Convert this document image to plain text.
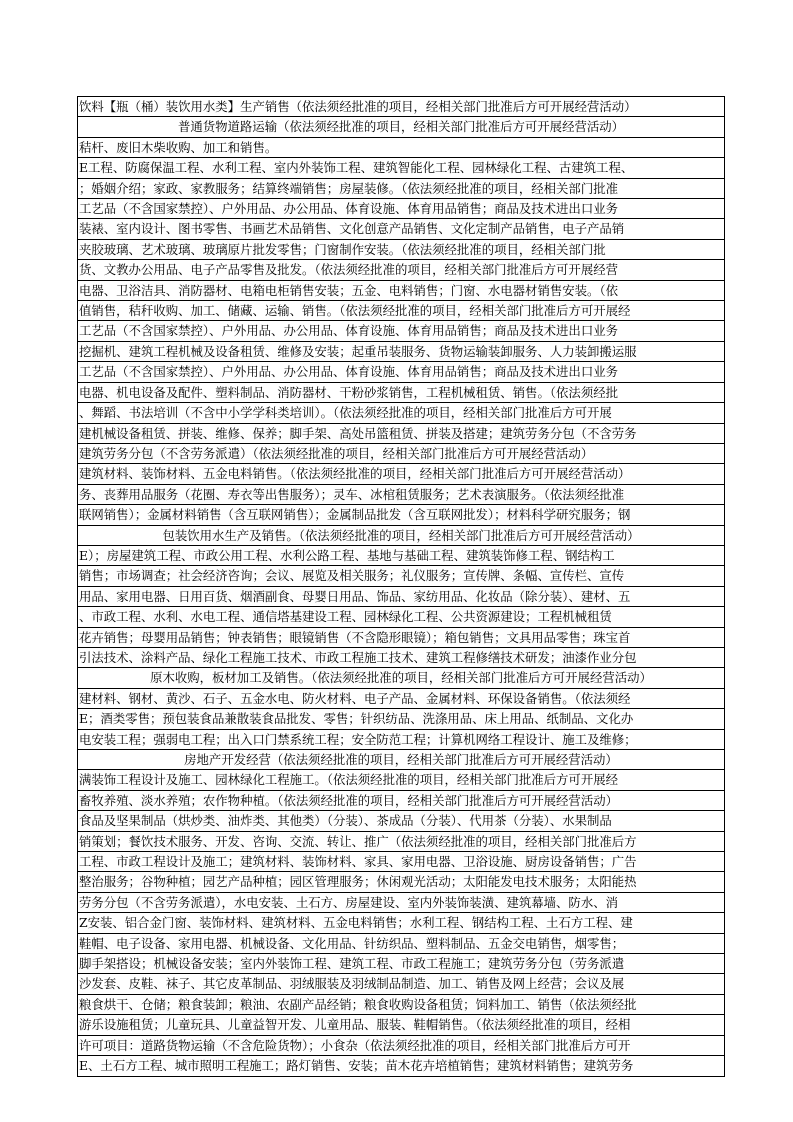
饮料【瓶（桶）装饮用水类】生产销售（依法须经批准的项目，经相关部门批准后方可开展经营活动）
普通货物道路运输（依法须经批准的项目，经相关部门批准后方可开展经营活动）
秸杆、废旧木柴收购、加工和销售。
E工程、防腐保温工程、水利工程、室内外装饰工程、建筑智能化工程、园林绿化工程、古建筑工程、
；婚姻介绍；家政、家教服务；结算终端销售；房屋装修。（依法须经批准的项目，经相关部门批准
工艺品（不含国家禁控）、户外用品、办公用品、体育设施、体育用品销售；商品及技术进出口业务
装裱、室内设计、图书零售、书画艺术品销售、文化创意产品销售、文化定制产品销售，电子产品销
夹胶玻璃、艺术玻璃、玻璃原片批发零售；门窗制作安装。（依法须经批准的项目，经相关部门批
货、文教办公用品、电子产品零售及批发。（依法须经批准的项目，经相关部门批准后方可开展经营
电器、卫浴洁具、消防器材、电箱电柜销售安装；五金、电料销售；门窗、水电器材销售安装。（依
值销售，秸秆收购、加工、储藏、运输、销售。（依法须经批准的项目，经相关部门批准后方可开展经
工艺品（不含国家禁控）、户外用品、办公用品、体育设施、体育用品销售；商品及技术进出口业务
挖掘机、建筑工程机械及设备租赁、维修及安装；起重吊装服务、货物运输装卸服务、人力装卸搬运服
工艺品（不含国家禁控）、户外用品、办公用品、体育设施、体育用品销售；商品及技术进出口业务
电器、机电设备及配件、塑料制品、消防器材、干粉砂浆销售，工程机械租赁、销售。（依法须经批
、舞蹈、书法培训（不含中小学学科类培训）。（依法须经批准的项目，经相关部门批准后方可开展
建机械设备租赁、拼装、维修、保养；脚手架、高处吊篮租赁、拼装及搭建；建筑劳务分包（不含劳务
建筑劳务分包（不含劳务派遣）（依法须经批准的项目，经相关部门批准后方可开展经营活动）
建筑材料、装饰材料、五金电料销售。（依法须经批准的项目，经相关部门批准后方可开展经营活动）
务、丧葬用品服务（花圈、寿衣等出售服务）；灵车、冰棺租赁服务；艺术表演服务。（依法须经批准
联网销售）；金属材料销售（含互联网销售）；金属制品批发（含互联网批发）；材料科学研究服务；钢
包装饮用水生产及销售。（依法须经批准的项目，经相关部门批准后方可开展经营活动）
E）；房屋建筑工程、市政公用工程、水利公路工程、基地与基础工程、建筑装饰修工程、钢结构工
销售；市场调查；社会经济咨询；会议、展览及相关服务；礼仪服务；宣传牌、条幅、宣传栏、宣传
用品、家用电器、日用百货、烟酒副食、母婴日用品、饰品、家纺用品、化妆品（除分装）、建材、五
、市政工程、水利、水电工程、通信塔基建设工程、园林绿化工程、公共资源建设；工程机械租赁
花卉销售；母婴用品销售；钟表销售；眼镜销售（不含隐形眼镜）；箱包销售；文具用品零售；珠宝首
引法技术、涂料产品、绿化工程施工技术、市政工程施工技术、建筑工程修缮技术研发；油漆作业分包
原木收购，板材加工及销售。（依法须经批准的项目，经相关部门批准后方可开展经营活动）
建材料、钢材、黄沙、石子、五金水电、防火材料、电子产品、金属材料、环保设备销售。（依法须经
E；酒类零售；预包装食品兼散装食品批发、零售；针织纺品、洗涤用品、床上用品、纸制品、文化办
电安装工程；强弱电工程；出入口门禁系统工程；安全防范工程；计算机网络工程设计、施工及维修；
房地产开发经营（依法须经批准的项目，经相关部门批准后方可开展经营活动）
满装饰工程设计及施工、园林绿化工程施工。（依法须经批准的项目，经相关部门批准后方可开展经
畜牧养殖、淡水养殖；农作物种植。（依法须经批准的项目，经相关部门批准后方可开展经营活动）
食品及坚果制品（烘炒类、油炸类、其他类）（分装）、茶成品（分装）、代用茶（分装）、水果制品
销策划；餐饮技术服务、开发、咨询、交流、转让、推广（依法须经批准的项目，经相关部门批准后方
工程、市政工程设计及施工；建筑材料、装饰材料、家具、家用电器、卫浴设施、厨房设备销售；广告
整治服务；谷物种植；园艺产品种植；园区管理服务；休闲观光活动；太阳能发电技术服务；太阳能热
劳务分包（不含劳务派遣），水电安装、土石方、房屋建设、室内外装饰装潢、建筑幕墙、防水、消
Z安装、铝合金门窗、装饰材料、建筑材料、五金电料销售；水利工程、钢结构工程、土石方工程、建
鞋帽、电子设备、家用电器、机械设备、文化用品、针纺织品、塑料制品、五金交电销售，烟零售；
脚手架搭设；机械设备安装；室内外装饰工程、建筑工程、市政工程施工；建筑劳务分包（劳务派遣
沙发套、皮鞋、袜子、其它皮革制品、羽绒服装及羽绒制品制造、加工、销售及网上经营；会议及展
粮食烘干、仓储；粮食装卸；粮油、农副产品经销；粮食收购设备租赁；饲料加工、销售（依法须经批
游乐设施租赁；儿童玩具、儿童益智开发、儿童用品、服装、鞋帽销售。（依法须经批准的项目，经相
许可项目：道路货物运输（不含危险货物）；小食杂（依法须经批准的项目，经相关部门批准后方可开
E、土石方工程、城市照明工程施工；路灯销售、安装；苗木花卉培植销售；建筑材料销售；建筑劳务
